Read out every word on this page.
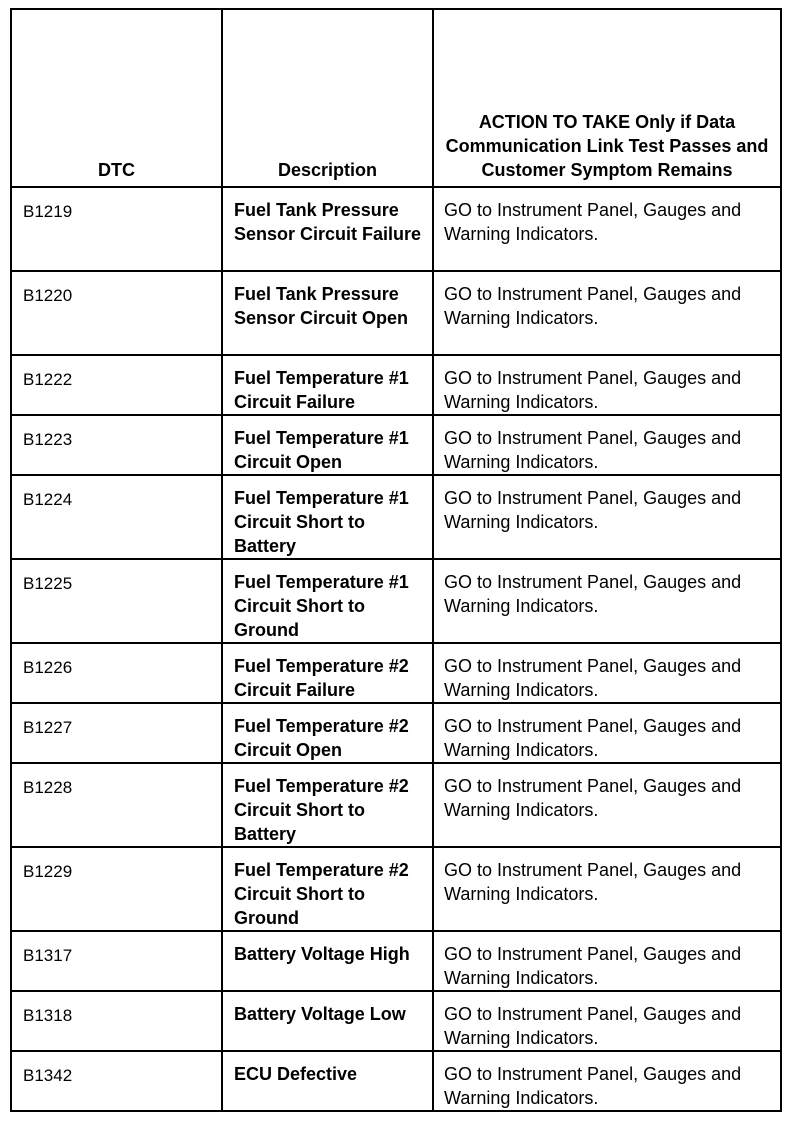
DTC	Description	ACTION TO TAKE Only if Data Communication Link Test Passes and Customer Symptom Remains
B1219	Fuel Tank Pressure Sensor Circuit Failure	GO to Instrument Panel, Gauges and Warning Indicators.
B1220	Fuel Tank Pressure Sensor Circuit Open	GO to Instrument Panel, Gauges and Warning Indicators.
B1222	Fuel Temperature #1 Circuit Failure	GO to Instrument Panel, Gauges and Warning Indicators.
B1223	Fuel Temperature #1 Circuit Open	GO to Instrument Panel, Gauges and Warning Indicators.
B1224	Fuel Temperature #1 Circuit Short to Battery	GO to Instrument Panel, Gauges and Warning Indicators.
B1225	Fuel Temperature #1 Circuit Short to Ground	GO to Instrument Panel, Gauges and Warning Indicators.
B1226	Fuel Temperature #2 Circuit Failure	GO to Instrument Panel, Gauges and Warning Indicators.
B1227	Fuel Temperature #2 Circuit Open	GO to Instrument Panel, Gauges and Warning Indicators.
B1228	Fuel Temperature #2 Circuit Short to Battery	GO to Instrument Panel, Gauges and Warning Indicators.
B1229	Fuel Temperature #2 Circuit Short to Ground	GO to Instrument Panel, Gauges and Warning Indicators.
B1317	Battery Voltage High	GO to Instrument Panel, Gauges and Warning Indicators.
B1318	Battery Voltage Low	GO to Instrument Panel, Gauges and Warning Indicators.
B1342	ECU Defective	GO to Instrument Panel, Gauges and Warning Indicators.
